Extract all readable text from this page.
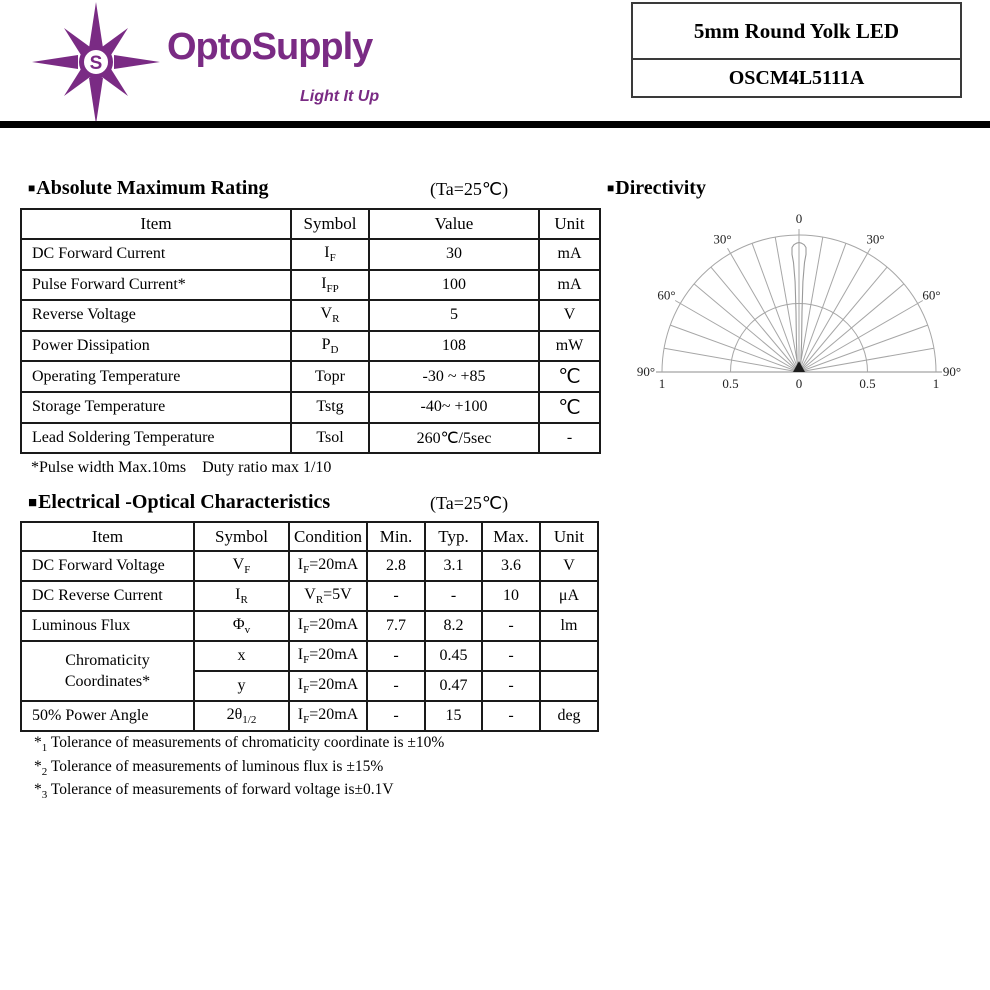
S OptoSupply
Light It Up
5mm Round Yolk LED
OSCM4L5111A
■Absolute Maximum Rating	(Ta=25℃)	■Directivity
Item	Symbol	Value	Unit
DC Forward Current	$I_F$	30	mA
Pulse Forward Current*	$I_{FP}$	100	mA
Reverse Voltage	$V_R$	5	V
Power Dissipation	$P_D$	108	mW
Operating Temperature	Topr	-30 ~ +85	℃
Storage Temperature	Tstg	-40~ +100	℃
Lead Soldering Temperature	Tsol	260℃/5sec	-
*Pulse width Max.10ms    Duty ratio max 1/10
■Electrical -Optical Characteristics	(Ta=25℃)
Item	Symbol	Condition	Min.	Typ.	Max.	Unit
DC Forward Voltage	$V_F$	$I_F=20mA$	2.8	3.1	3.6	V
DC Reverse Current	$I_R$	$V_R=5V$	-	-	10	μA
Luminous Flux	$\Phi_v$	$I_F=20mA$	7.7	8.2	-	lm

Chromaticity
Coordinates*	x	$I_F=20mA$	-	0.45	-	
	y	$I_F=20mA$	-	0.47	-	
50% Power Angle	$2\theta_{1/2}$	$I_F=20mA$	-	15	-	deg
$*_1$ Tolerance of measurements of chromaticity coordinate is ±10%
$*_2$ Tolerance of measurements of luminous flux is ±15%
$*_3$ Tolerance of measurements of forward voltage is±0.1V
90°
60°
30°
0
30°
60°
90°
1	0.5	0	0.5	1
